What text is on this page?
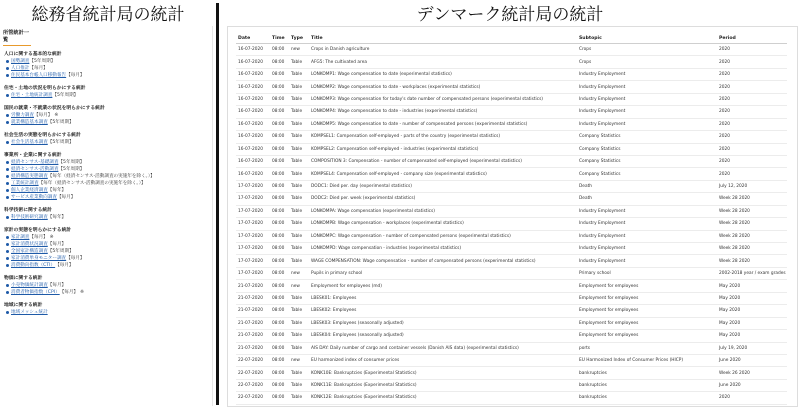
総務省統計局の統計
所管統計一覧
人口に関する基本的な統計
国勢調査 【5年周期】
人口推計 【毎月】
住民基本台帳人口移動報告 【毎月】
住宅・土地の状況を明らかにする統計
住宅・土地統計調査 【5年周期】
国民の就業・不就業の状況を明らかにする統計
労働力調査 【毎月】 ※
就業構造基本調査 【5年周期】
社会生活の実態を明らかにする統計
社会生活基本調査 【5年周期】
事業所・企業に関する統計
経済センサス-基礎調査 【5年周期】
経済センサス-活動調査 【5年周期】
経済構造実態調査 【毎年（経済センサス-活動調査の実施年を除く。）】
工業統計調査 【毎年（経済センサス-活動調査の実施年を除く。）】
個人企業経済調査 【毎年】
サービス産業動向調査 【毎月】
科学技術に関する統計
科学技術研究調査 【毎年】
家計の実態を明らかにする統計
家計調査 【毎月】 ※
家計消費状況調査 【毎月】
全国家計構造調査 【5年周期】
家計消費単身モニター調査 【毎月】
消費動向指数（CTI） 【毎月】
物価に関する統計
小売物価統計調査 【毎月】
消費者物価指数（CPI） 【毎月】 ※
地域に関する統計
地域メッシュ統計
デンマーク統計局の統計
Date	Time	Type	Title	Subtopic	Period
16-07-2020	08:00	new	Crops in Danish agriculture	Crops	2020
16-07-2020	08:00	Table	AFG5: The cultivated area	Crops	2020
16-07-2020	08:00	Table	LONKOMP1: Wage compensation to date (experimental statistics)	Industry Employment	2020
16-07-2020	08:00	Table	LONKOMP2: Wage compensation to date - workplaces (experimental statistics)	Industry Employment	2020
16-07-2020	08:00	Table	LONKOMP3: Wage compensation for today's date number of compensated persons (experimental statistics)	Industry Employment	2020
16-07-2020	08:00	Table	LONKOMP4: Wage compensation to date - industries (experimental statistics)	Industry Employment	2020
16-07-2020	08:00	Table	LONKOMP5: Wage compensation to date - number of compensated persons (experimental statistics)	Industry Employment	2020
16-07-2020	08:00	Table	KOMPSEL1: Compensation self-employed - parts of the country (experimental statistics)	Company Statistics	2020
16-07-2020	08:00	Table	KOMPSEL2: Compensation self-employed - industries (experimental statistics)	Company Statistics	2020
16-07-2020	08:00	Table	COMPOSITION 3: Compensation - number of compensated self-employed (experimental statistics)	Company Statistics	2020
16-07-2020	08:00	Table	KOMPSEL4: Compensation self-employed - company size (experimental statistics)	Company Statistics	2020
17-07-2020	08:00	Table	DODC1: Died per. day (experimental statistics)	Death	July 12, 2020
17-07-2020	08:00	Table	DODC2: Died per. week (experimental statistics)	Death	Week 28 2020
17-07-2020	08:00	Table	LONKOMPA: Wage compensation (experimental statistics)	Industry Employment	Week 28 2020
17-07-2020	08:00	Table	LONKOMPB: Wage compensation - workplaces (experimental statistics)	Industry Employment	Week 28 2020
17-07-2020	08:00	Table	LONKOMPC: Wage compensation - number of compensated persons (experimental statistics)	Industry Employment	Week 28 2020
17-07-2020	08:00	Table	LONKOMPD: Wage compensation - industries (experimental statistics)	Industry Employment	Week 28 2020
17-07-2020	08:00	Table	WAGE COMPENSATION: Wage compensation - number of compensated persons (experimental statistics)	Industry Employment	Week 28 2020
17-07-2020	08:00	new	Pupils in primary school	Primary school	2002-2018 year / exam grades
21-07-2020	08:00	new	Employment for employees (md)	Employment for employees	May 2020
21-07-2020	08:00	Table	LBESK01: Employees	Employment for employees	May 2020
21-07-2020	08:00	Table	LBESK02: Employees	Employment for employees	May 2020
21-07-2020	08:00	Table	LBESK03: Employees (seasonally adjusted)	Employment for employees	May 2020
21-07-2020	08:00	Table	LBESK04: Employees (seasonally adjusted)	Employment for employees	May 2020
21-07-2020	08:00	Table	AIS DAY: Daily number of cargo and container vessels (Danish AIS data) (experimental statistics)	ports	July 19, 2020
22-07-2020	08:00	new	EU harmonized index of consumer prices	EU Harmonized Index of Consumer Prices (HICP)	June 2020
22-07-2020	08:00	Table	KONK10E: Bankruptcies (Experimental Statistics)	bankruptcies	Week 26 2020
22-07-2020	08:00	Table	KONK11E: Bankruptcies (Experimental Statistics)	bankruptcies	June 2020
22-07-2020	08:00	Table	KONK12E: Bankruptcies (Experimental Statistics)	bankruptcies	2020
